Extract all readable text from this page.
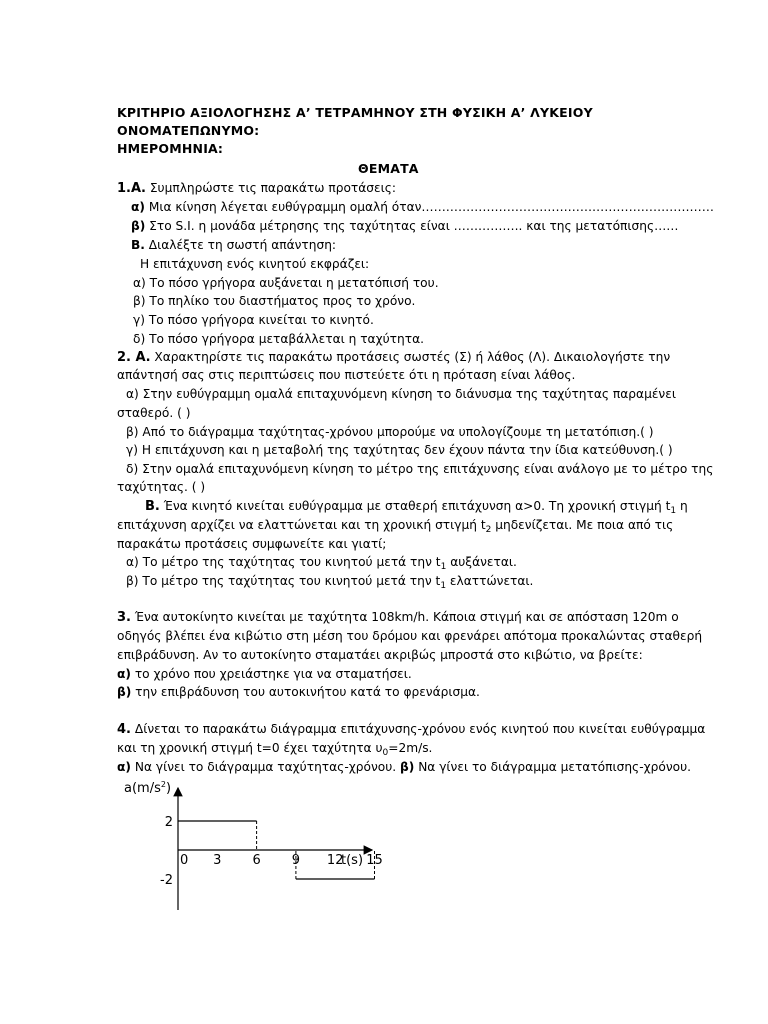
ΚΡΙΤΗΡΙΟ ΑΞΙΟΛΟΓΗΣΗΣ Α’ ΤΕΤΡΑΜΗΝΟΥ ΣΤΗ ΦΥΣΙΚΗ Α’ ΛΥΚΕΙΟΥ
ΟΝΟΜΑΤΕΠΩΝΥΜΟ:
ΗΜΕΡΟΜΗΝΙΑ:
ΘΕΜΑΤΑ
1.Α. Συμπληρώστε τις παρακάτω προτάσεις:
α) Μια κίνηση λέγεται ευθύγραμμη ομαλή όταν………………………………………………………………
β) Στο S.I. η μονάδα μέτρησης της ταχύτητας είναι …………….. και της μετατόπισης……
Β. Διαλέξτε τη σωστή απάντηση:
Η επιτάχυνση ενός κινητού εκφράζει:
α) Το πόσο γρήγορα αυξάνεται η μετατόπισή του.
β) Το πηλίκο του διαστήματος προς το χρόνο.
γ) Το πόσο γρήγορα κινείται το κινητό.
δ) Το πόσο γρήγορα μεταβάλλεται η ταχύτητα.
2. Α. Χαρακτηρίστε τις παρακάτω προτάσεις σωστές (Σ) ή λάθος (Λ). Δικαιολογήστε την
απάντησή σας στις περιπτώσεις που πιστεύετε ότι η πρόταση είναι λάθος.
α) Στην ευθύγραμμη ομαλά επιταχυνόμενη κίνηση το διάνυσμα της ταχύτητας παραμένει
σταθερό. ( )
β) Από το διάγραμμα ταχύτητας-χρόνου μπορούμε να υπολογίζουμε τη μετατόπιση.( )
γ) Η επιτάχυνση και η μεταβολή της ταχύτητας δεν έχουν πάντα την ίδια κατεύθυνση.( )
δ) Στην ομαλά επιταχυνόμενη κίνηση το μέτρο της επιτάχυνσης είναι ανάλογο με το μέτρο της
ταχύτητας. ( )
Β. Ένα κινητό κινείται ευθύγραμμα με σταθερή επιτάχυνση α>0. Τη χρονική στιγμή $t_1$ η
επιτάχυνση αρχίζει να ελαττώνεται και τη χρονική στιγμή $t_2$ μηδενίζεται. Με ποια από τις
παρακάτω προτάσεις συμφωνείτε και γιατί;
α) Το μέτρο της ταχύτητας του κινητού μετά την $t_1$ αυξάνεται.
β) Το μέτρο της ταχύτητας του κινητού μετά την $t_1$ ελαττώνεται.
3. Ένα αυτοκίνητο κινείται με ταχύτητα 108km/h. Κάποια στιγμή και σε απόσταση 120m ο
οδηγός βλέπει ένα κιβώτιο στη μέση του δρόμου και φρενάρει απότομα προκαλώντας σταθερή
επιβράδυνση. Αν το αυτοκίνητο σταματάει ακριβώς μπροστά στο κιβώτιο, να βρείτε:
α) το χρόνο που χρειάστηκε για να σταματήσει.
β) την επιβράδυνση του αυτοκινήτου κατά το φρενάρισμα.
4. Δίνεται το παρακάτω διάγραμμα επιτάχυνσης-χρόνου ενός κινητού που κινείται ευθύγραμμα
και τη χρονική στιγμή t=0 έχει ταχύτητα $\upsilon_0=2m/s$.
α) Να γίνει το διάγραμμα ταχύτητας-χρόνου. β) Να γίνει το διάγραμμα μετατόπισης-χρόνου.
$a(m/s^2)$
t(s)
0 3 6 9 12 15
2
-2
